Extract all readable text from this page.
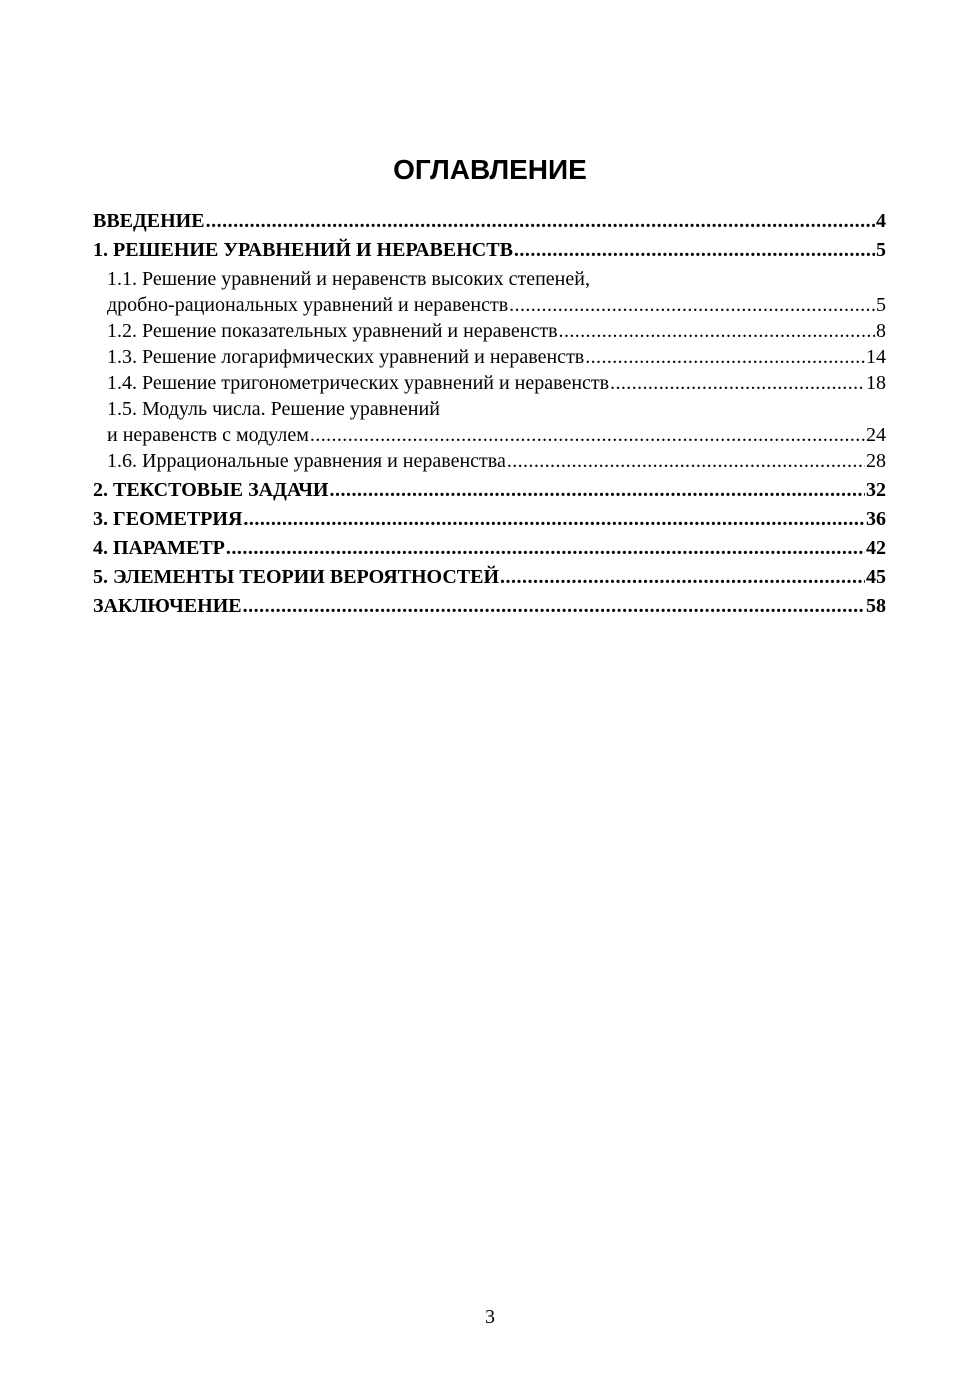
ОГЛАВЛЕНИЕ
ВВЕДЕНИЕ .....	4
1. РЕШЕНИЕ УРАВНЕНИЙ И НЕРАВЕНСТВ .....	5
1.1. Решение уравнений и неравенств высоких степеней,
дробно-рациональных уравнений и неравенств .....	5
1.2. Решение показательных уравнений и неравенств .....	8
1.3. Решение логарифмических уравнений и неравенств .....	14
1.4. Решение тригонометрических уравнений и неравенств .....	18
1.5. Модуль числа. Решение уравнений
и неравенств с модулем .....	24
1.6. Иррациональные уравнения и неравенства .....	28
2. ТЕКСТОВЫЕ ЗАДАЧИ .....	32
3. ГЕОМЕТРИЯ .....	36
4. ПАРАМЕТР .....	42
5. ЭЛЕМЕНТЫ ТЕОРИИ ВЕРОЯТНОСТЕЙ .....	45
ЗАКЛЮЧЕНИЕ .....	58
3
